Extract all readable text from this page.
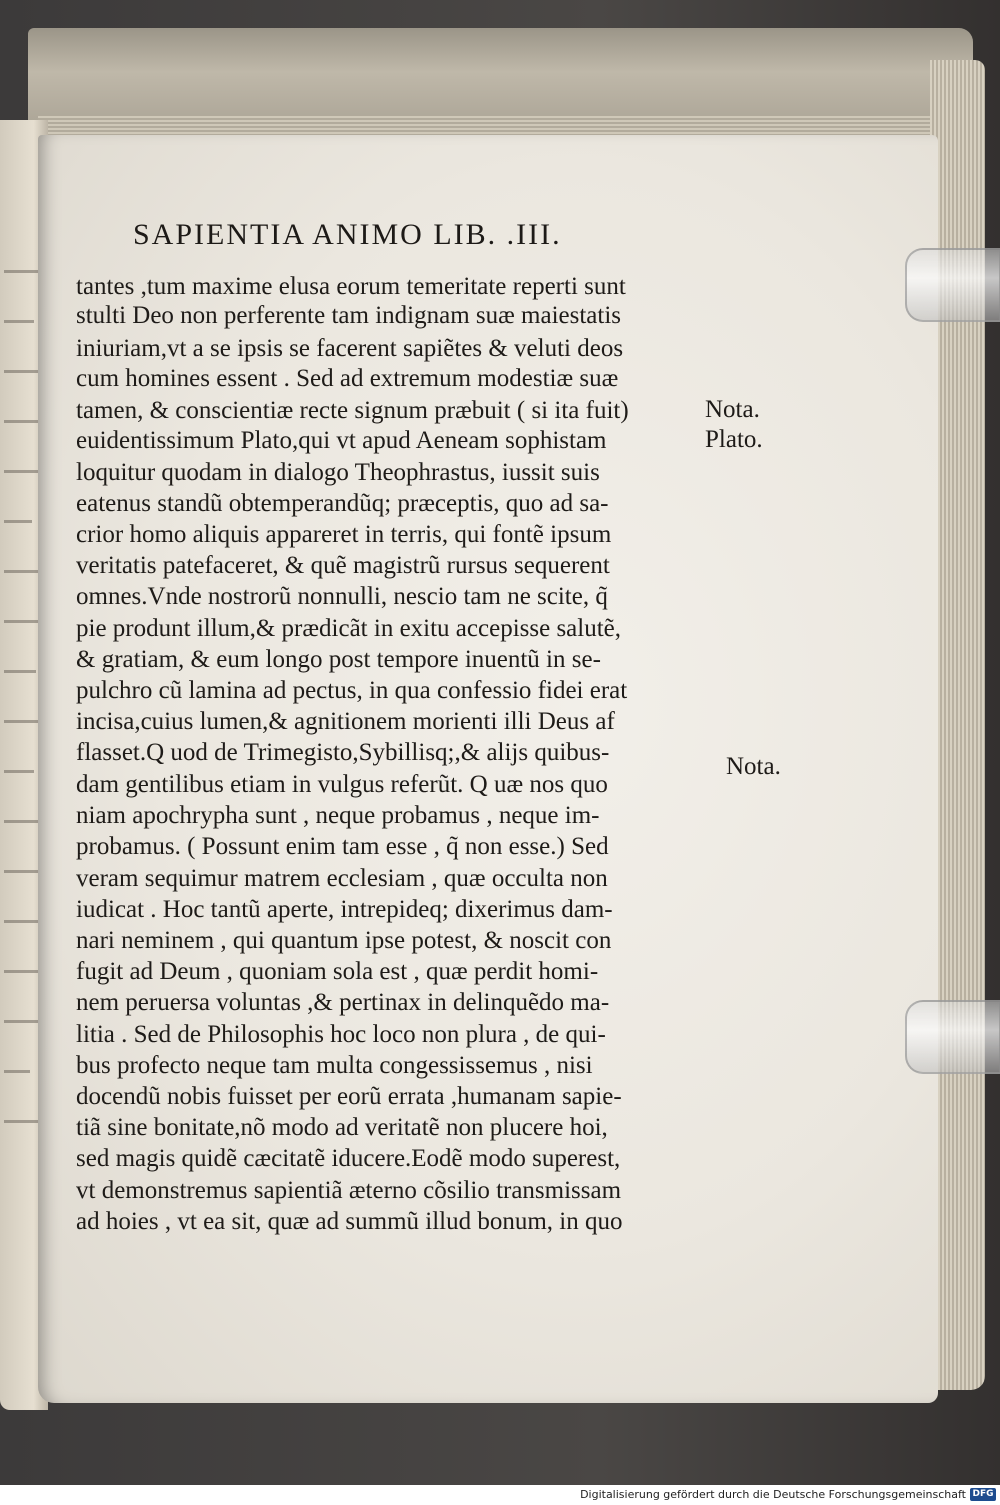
SAPIENTIA ANIMO LIB. .III.
tantes ,tum maxime elusa eorum temeritate reperti sunt
stulti Deo non perferente tam indignam suæ maiestatis
iniuriam,vt a se ipsis se facerent sapiẽtes & veluti deos
cum homines essent . Sed ad extremum modestiæ suæ
tamen, & conscientiæ recte signum præbuit ( si ita fuit)
euidentissimum Plato,qui vt apud Aeneam sophistam
loquitur quodam in dialogo Theophrastus, iussit suis
eatenus standũ obtemperandũq; præceptis, quo ad sa-
crior homo aliquis appareret in terris, qui fontẽ ipsum
veritatis patefaceret, & quẽ magistrũ rursus sequerent
omnes.Vnde nostrorũ nonnulli, nescio tam ne scite, q̃
pie produnt illum,& prædicãt in exitu accepisse salutẽ,
& gratiam, & eum longo post tempore inuentũ in se-
pulchro cũ lamina ad pectus, in qua confessio fidei erat
incisa,cuius lumen,& agnitionem morienti illi Deus af
flasset.Q uod de Trimegisto,Sybillisq;,& alijs quibus-
dam gentilibus etiam in vulgus referũt. Q uæ nos quo
niam apochrypha sunt , neque probamus , neque im-
probamus. ( Possunt enim tam esse , q̃ non esse.) Sed
veram sequimur matrem ecclesiam , quæ occulta non
iudicat . Hoc tantũ aperte, intrepideq; dixerimus dam-
nari neminem , qui quantum ipse potest, & noscit con
fugit ad Deum , quoniam sola est , quæ perdit homi-
nem peruersa voluntas ,& pertinax in delinquẽdo ma-
litia . Sed de Philosophis hoc loco non plura , de qui-
bus profecto neque tam multa congessissemus , nisi
docendũ nobis fuisset per eorũ errata ,humanam sapie-
tiã sine bonitate,nõ modo ad veritatẽ non plucere hoi,
sed magis quidẽ cæcitatẽ iducere.Eodẽ modo superest,
vt demonstremus sapientiã æterno cõsilio transmissam
ad hoies , vt ea sit, quæ ad summũ illud bonum, in quo
Nota.
Plato.
Nota.
Digitalisierung gefördert durch die Deutsche Forschungsgemeinschaft DFG
